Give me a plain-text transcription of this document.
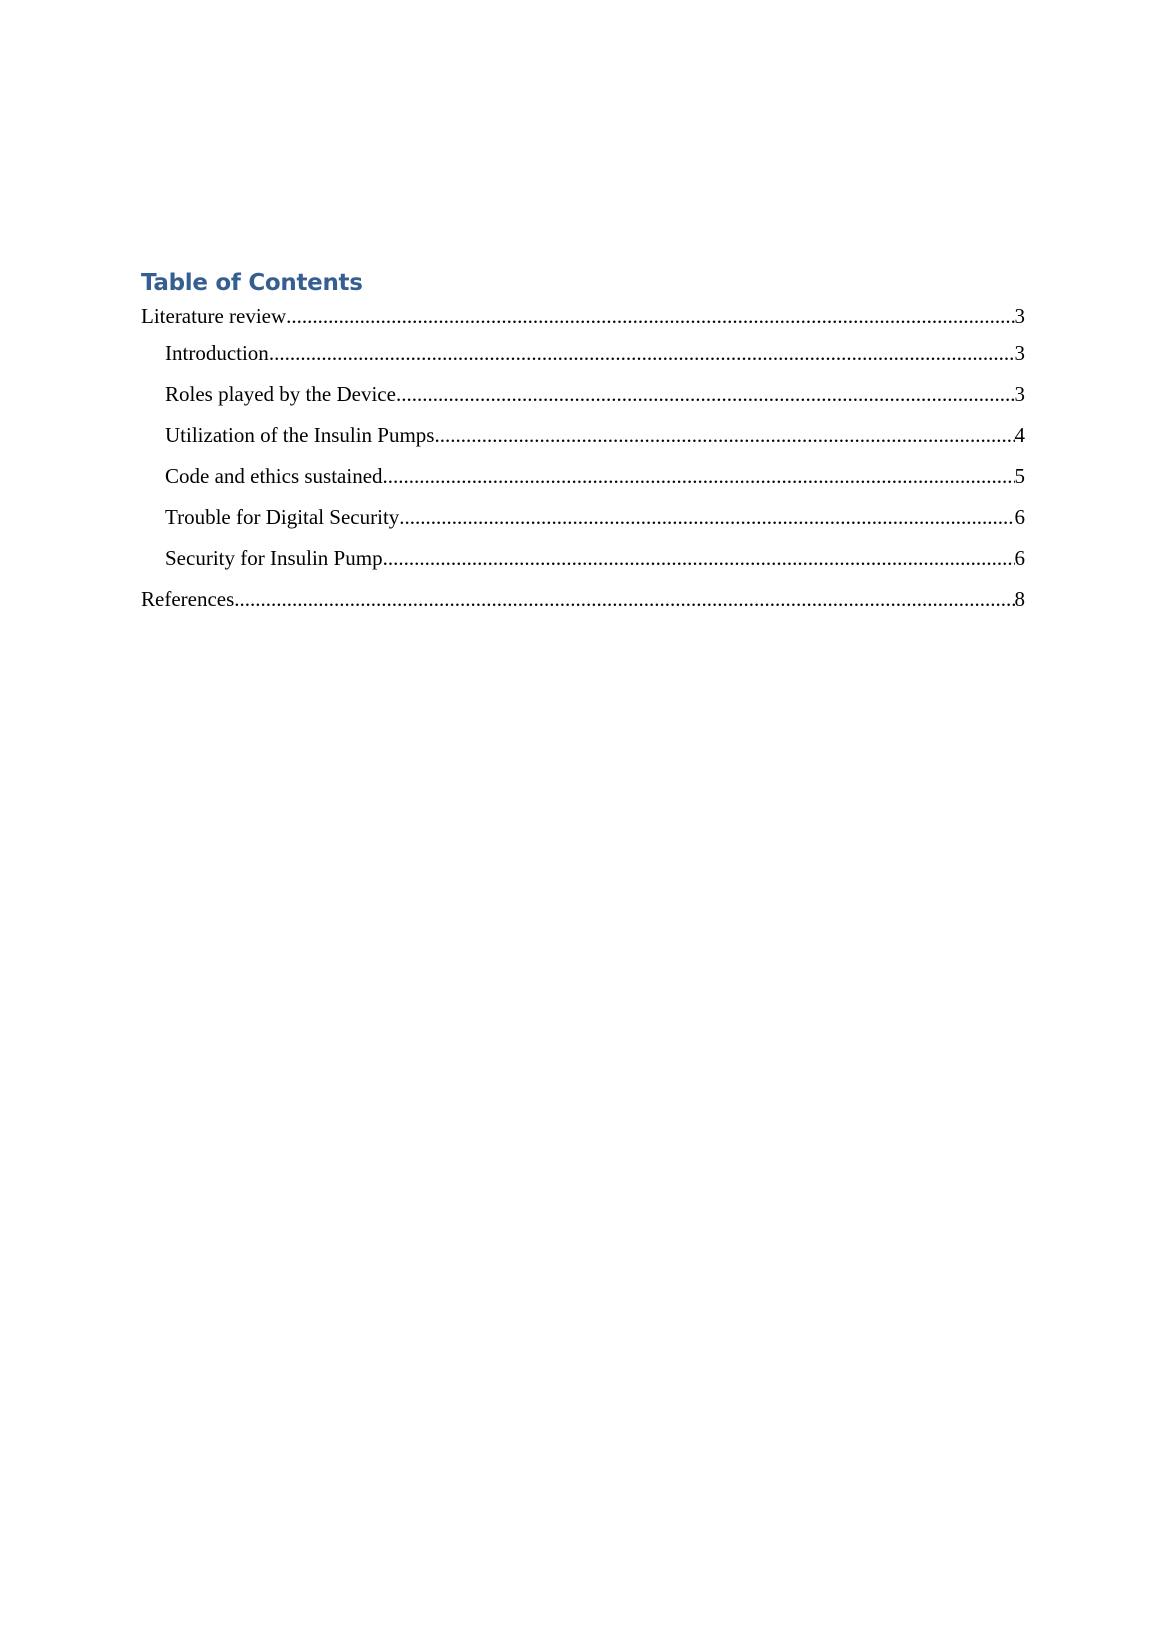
Table of Contents
Literature review .....	3
Introduction .....	3
Roles played by the Device .....	3
Utilization of the Insulin Pumps .....	4
Code and ethics sustained .....	5
Trouble for Digital Security .....	6
Security for Insulin Pump .....	6
References .....	8
